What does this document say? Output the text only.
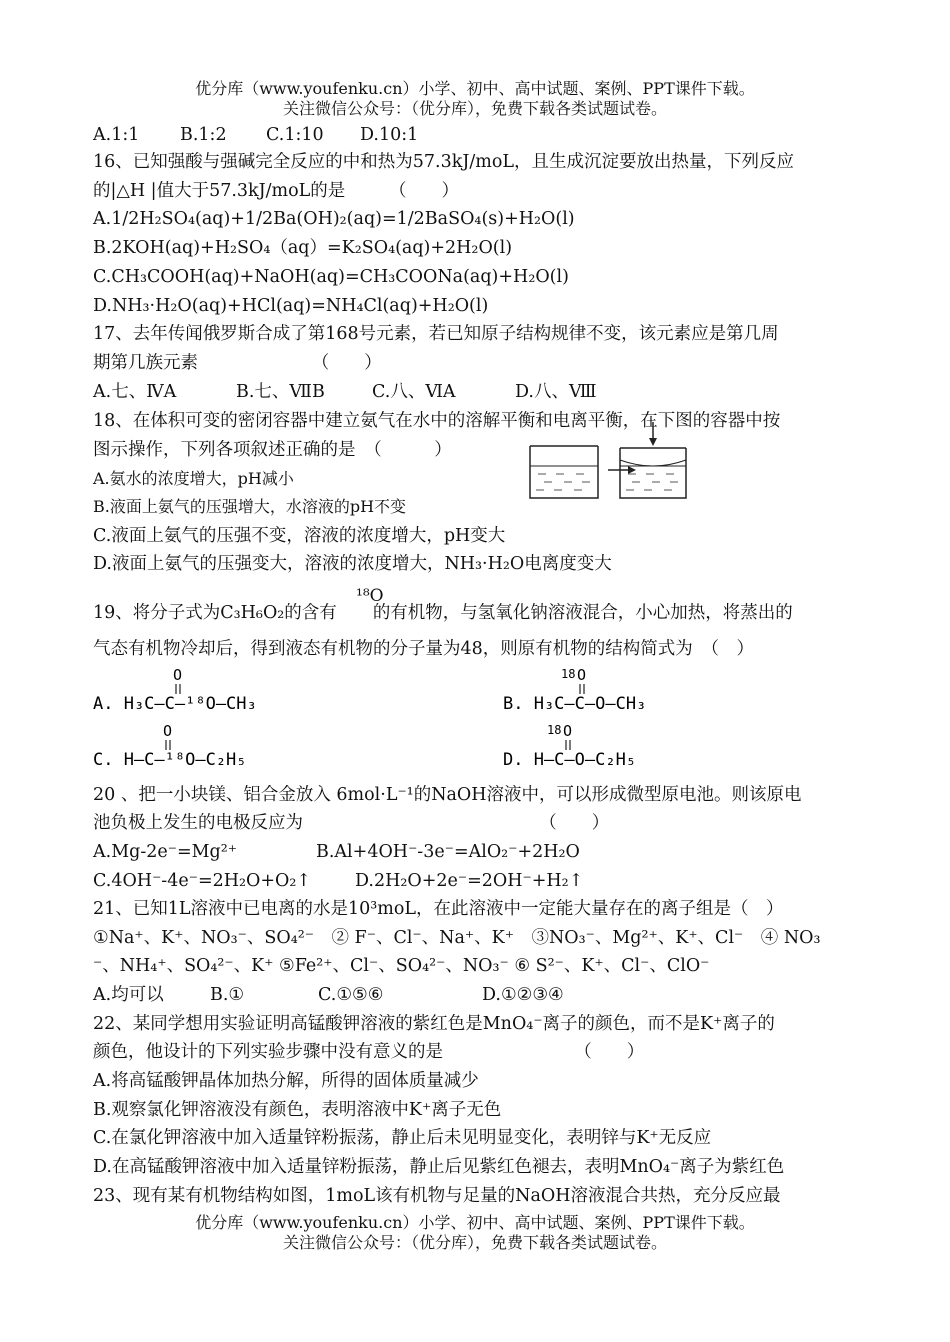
优分库（www.youfenku.cn）小学、初中、高中试题、案例、PPT课件下载。
关注微信公众号：（优分库），免费下载各类试题试卷。
A.1:1 B.1:2 C.1:10 D.10:1
16、已知强酸与强碱完全反应的中和热为57.3kJ/moL，且生成沉淀要放出热量，下列反应
的|△H |值大于57.3kJ/moL的是　　　（　　）
A.1/2H₂SO₄(aq)+1/2Ba(OH)₂(aq)=1/2BaSO₄(s)+H₂O(l)
B.2KOH(aq)+H₂SO₄（aq）=K₂SO₄(aq)+2H₂O(l)
C.CH₃COOH(aq)+NaOH(aq)=CH₃COONa(aq)+H₂O(l)
D.NH₃·H₂O(aq)+HCl(aq)=NH₄Cl(aq)+H₂O(l)
17、去年传闻俄罗斯合成了第168号元素，若已知原子结构规律不变，该元素应是第几周
期第几族元素　　　　　　　（　　）
A.七、ⅣA	B.七、ⅦB	C.八、ⅥA	D.八、Ⅷ
18、在体积可变的密闭容器中建立氨气在水中的溶解平衡和电离平衡，在下图的容器中按
图示操作，下列各项叙述正确的是　（　　　）
A.氨水的浓度增大，pH减小
B.液面上氨气的压强增大，水溶液的pH不变
C.液面上氨气的压强不变，溶液的浓度增大，pH变大
D.液面上氨气的压强变大，溶液的浓度增大，NH₃·H₂O电离度变大
19、将分子式为C₃H₆O₂的含有 的有机物，与氢氧化钠溶液混合，小心加热，将蒸出的
¹⁸O
气态有机物冷却后，得到液态有机物的分子量为48，则原有机物的结构简式为　（　）
O
A. H₃C—C—¹⁸O—CH₃
18 O
B. H₃C—C—O—CH₃
O
C. H—C—¹⁸O—C₂H₅
18 O
D. H—C—O—C₂H₅
20 、把一小块镁、铝合金放入 6mol·L⁻¹的NaOH溶液中，可以形成微型原电池。则该原电
池负极上发生的电极反应为　　　　　　　　　　　　　　（　　）
A.Mg-2e⁻=Mg²⁺	B.Al+4OH⁻-3e⁻=AlO₂⁻+2H₂O
C.4OH⁻-4e⁻=2H₂O+O₂↑	D.2H₂O+2e⁻=2OH⁻+H₂↑
21、已知1L溶液中已电离的水是10³moL，在此溶液中一定能大量存在的离子组是（　）
①Na⁺、K⁺、NO₃⁻、SO₄²⁻　② F⁻、Cl⁻、Na⁺、K⁺　③NO₃⁻、Mg²⁺、K⁺、Cl⁻　④ NO₃
⁻、NH₄⁺、SO₄²⁻、K⁺ ⑤Fe²⁺、Cl⁻、SO₄²⁻、NO₃⁻ ⑥ S²⁻、K⁺、Cl⁻、ClO⁻
A.均可以	B.①	C.①⑤⑥	D.①②③④
22、某同学想用实验证明高锰酸钾溶液的紫红色是MnO₄⁻离子的颜色，而不是K⁺离子的
颜色，他设计的下列实验步骤中没有意义的是　　　　　　　　（　　）
A.将高锰酸钾晶体加热分解，所得的固体质量减少
B.观察氯化钾溶液没有颜色，表明溶液中K⁺离子无色
C.在氯化钾溶液中加入适量锌粉振荡，静止后未见明显变化，表明锌与K⁺无反应
D.在高锰酸钾溶液中加入适量锌粉振荡，静止后见紫红色褪去，表明MnO₄⁻离子为紫红色
23、现有某有机物结构如图，1moL该有机物与足量的NaOH溶液混合共热，充分反应最
优分库（www.youfenku.cn）小学、初中、高中试题、案例、PPT课件下载。
关注微信公众号：（优分库），免费下载各类试题试卷。
